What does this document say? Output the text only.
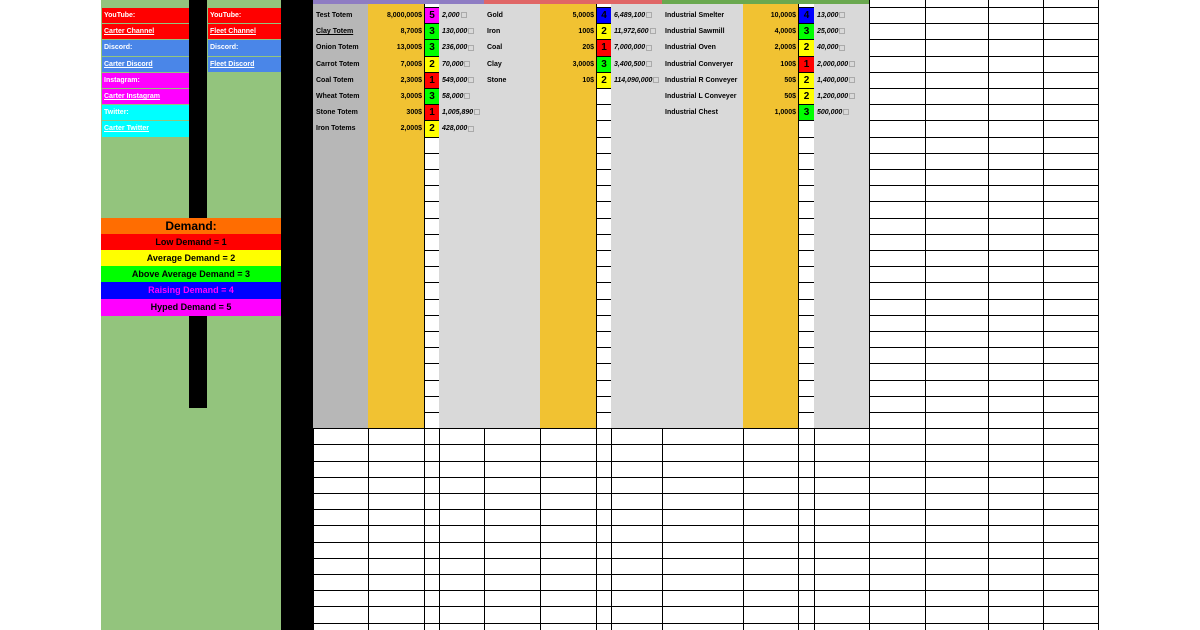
YouTube:
Carter Channel
Discord:
Carter Discord
Instagram:
Carter Instagram
Twitter:
Carter Twitter
YouTube:
Fleet Channel
Discord:
Fleet Discord
Demand:
Low Demand = 1
Average Demand = 2
Above Average Demand = 3
Raising Demand = 4
Hyped Demand = 5
Test Totem	8,000,000$ 5	2,000
Clay Totem	8,700$ 3	130,000
Onion Totem	13,000$ 3	236,000
Carrot Totem	7,000$ 2	70,000
Coal Totem	2,300$ 1	549,000
Wheat Totem	3,000$ 3	58,000
Stone Totem	300$ 1	1,005,890
Iron Totems	2,000$ 2	428,000
Gold	5,000$ 4	6,489,100
Iron	100$ 2	11,972,600
Coal	20$ 1	7,000,000
Clay	3,000$ 3	3,400,500
Stone	10$ 2	114,090,000
Industrial Smelter	10,000$ 4	13,000
Industrial Sawmill	4,000$ 3	25,000
Industrial Oven	2,000$ 2	40,000
Industrial Converyer	100$ 1	2,000,000
Industrial R Conveyer	50$ 2	1,400,000
Industrial L Conveyer	50$ 2	1,200,000
Industrial Chest	1,000$ 3	500,000
